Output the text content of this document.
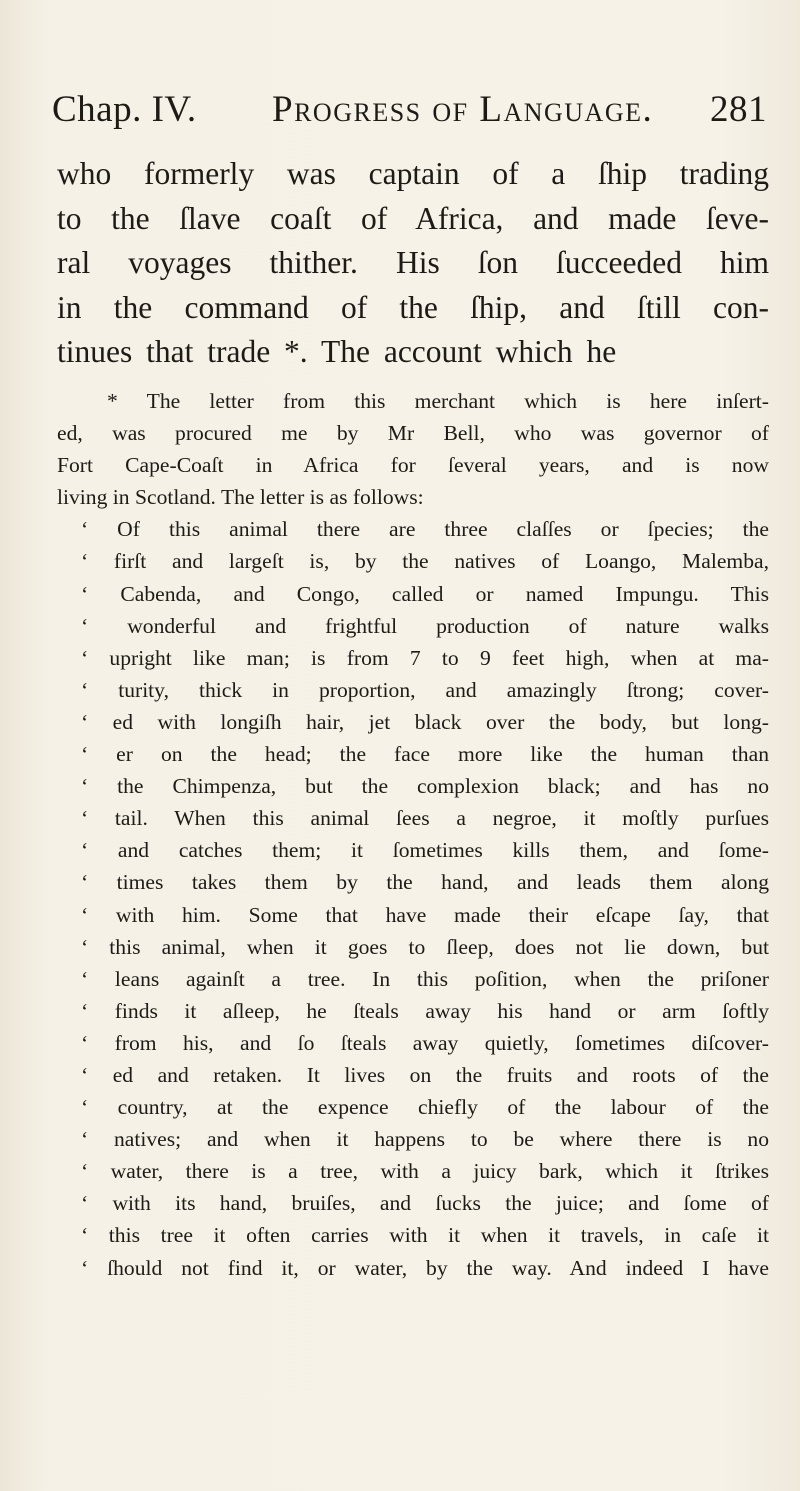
Chap. IV. Progress of Language. 281
who formerly was captain of a ſhip trading
to the ſlave coaſt of Africa, and made ſeve-
ral voyages thither. His ſon ſucceeded him
in the command of the ſhip, and ſtill con-
tinues that trade *. The account which he
* The letter from this merchant which is here inſert-
ed, was procured me by Mr Bell, who was governor of
Fort Cape-Coaſt in Africa for ſeveral years, and is now
living in Scotland. The letter is as follows:
‘ Of this animal there are three claſſes or ſpecies; the
‘ firſt and largeſt is, by the natives of Loango, Malemba,
‘ Cabenda, and Congo, called or named Impungu. This
‘ wonderful and frightful production of nature walks
‘ upright like man; is from 7 to 9 feet high, when at ma-
‘ turity, thick in proportion, and amazingly ſtrong; cover-
‘ ed with longiſh hair, jet black over the body, but long-
‘ er on the head; the face more like the human than
‘ the Chimpenza, but the complexion black; and has no
‘ tail. When this animal ſees a negroe, it moſtly purſues
‘ and catches them; it ſometimes kills them, and ſome-
‘ times takes them by the hand, and leads them along
‘ with him. Some that have made their eſcape ſay, that
‘ this animal, when it goes to ſleep, does not lie down, but
‘ leans againſt a tree. In this poſition, when the priſoner
‘ finds it aſleep, he ſteals away his hand or arm ſoftly
‘ from his, and ſo ſteals away quietly, ſometimes diſcover-
‘ ed and retaken. It lives on the fruits and roots of the
‘ country, at the expence chiefly of the labour of the
‘ natives; and when it happens to be where there is no
‘ water, there is a tree, with a juicy bark, which it ſtrikes
‘ with its hand, bruiſes, and ſucks the juice; and ſome of
‘ this tree it often carries with it when it travels, in caſe it
‘ ſhould not find it, or water, by the way. And indeed I have
